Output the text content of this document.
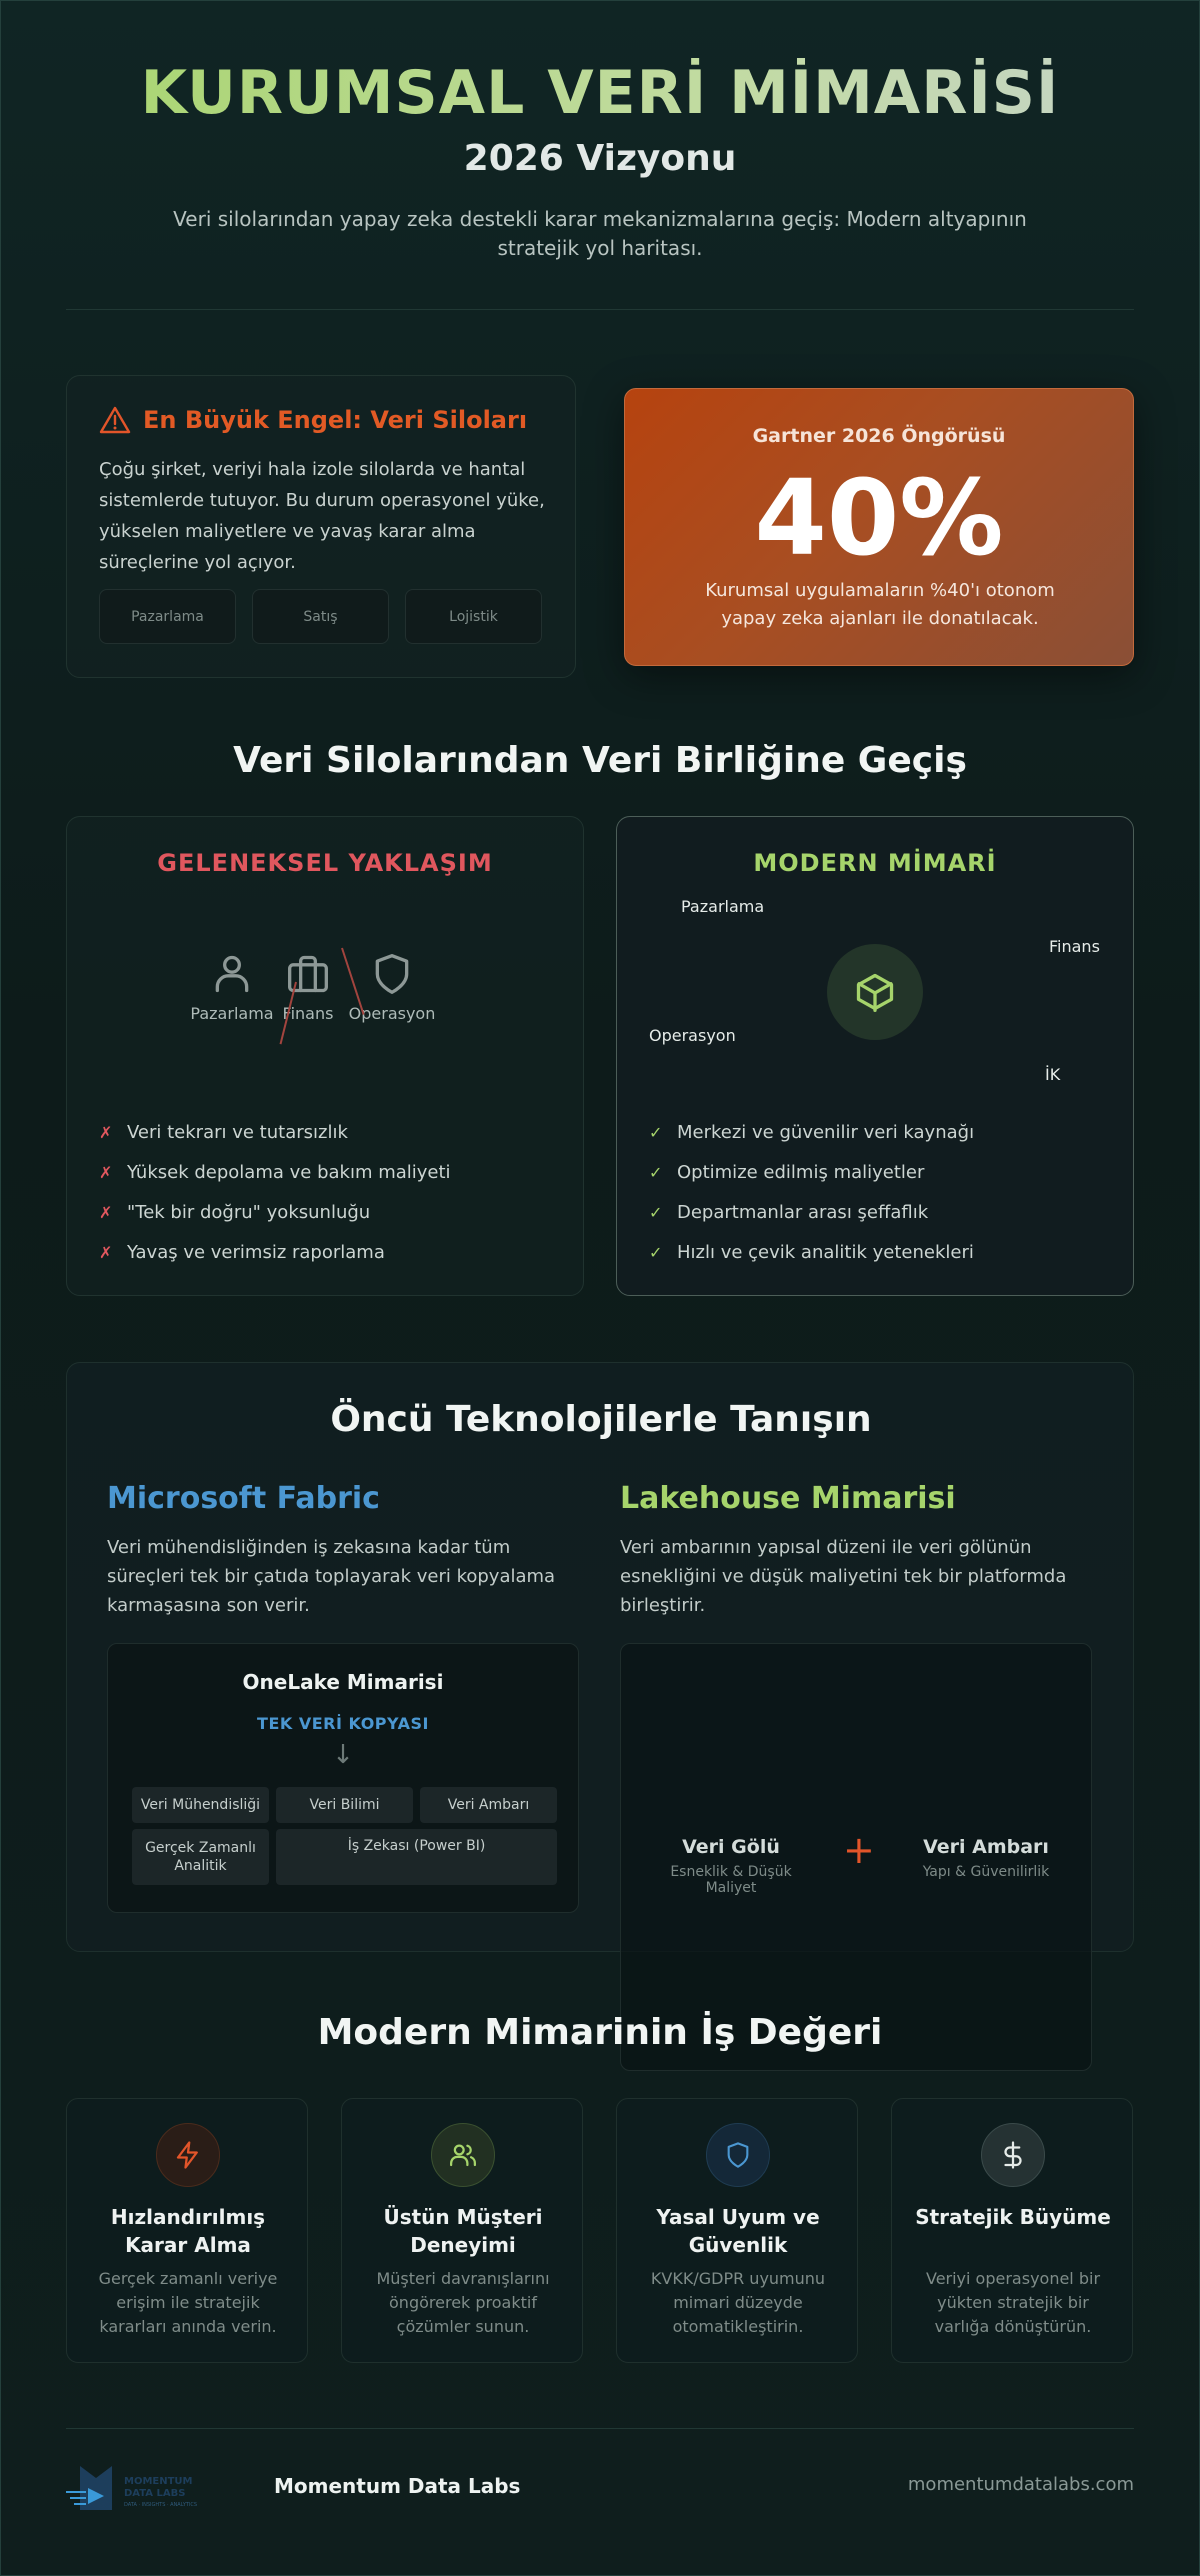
KURUMSAL VERİ MİMARİSİ
2026 Vizyonu

Veri silolarından yapay zeka destekli karar mekanizmalarına geçiş: Modern altyapının stratejik yol haritası.

En Büyük Engel: Veri Siloları

Çoğu şirket, veriyi hala izole silolarda ve hantal sistemlerde tutuyor. Bu durum operasyonel yüke, yükselen maliyetlere ve yavaş karar alma süreçlerine yol açıyor.

Pazarlama	Satış	Lojistik
Gartner 2026 Öngörüsü
40%

Kurumsal uygulamaların %40'ı otonom yapay zeka ajanları ile donatılacak.

Veri Silolarından Veri Birliğine Geçiş
GELENEKSEL YAKLAŞIM
Pazarlama Finans Operasyon
✗ Veri tekrarı ve tutarsızlık
✗ Yüksek depolama ve bakım maliyeti
✗ "Tek bir doğru" yoksunluğu
✗ Yavaş ve verimsiz raporlama
MODERN MİMARİ
Pazarlama
Finans
Operasyon
İK
✓ Merkezi ve güvenilir veri kaynağı
✓ Optimize edilmiş maliyetler
✓ Departmanlar arası şeffaflık
✓ Hızlı ve çevik analitik yetenekleri
Öncü Teknolojilerle Tanışın
Microsoft Fabric

Veri mühendisliğinden iş zekasına kadar tüm süreçleri tek bir çatıda toplayarak veri kopyalama karmaşasına son verir.

OneLake Mimarisi
TEK VERİ KOPYASI
↓
Veri Mühendisliği	Veri Bilimi	Veri Ambarı
Gerçek Zamanlı Analitik
İş Zekası (Power BI)
Lakehouse Mimarisi

Veri ambarının yapısal düzeni ile veri gölünün esnekliğini ve düşük maliyetini tek bir platformda birleştirir.

Veri Gölü
Esneklik & Düşük Maliyet
+	Veri Ambarı
Yapı & Güvenilirlik
Modern Mimarinin İş Değeri
Hızlandırılmış Karar Alma
Gerçek zamanlı veriye erişim ile stratejik kararları anında verin.
Üstün Müşteri Deneyimi
Müşteri davranışlarını öngörerek proaktif çözümler sunun.
Yasal Uyum ve Güvenlik
KVKK/GDPR uyumunu mimari düzeyde otomatikleştirin.
Stratejik Büyüme
Veriyi operasyonel bir yükten stratejik bir varlığa dönüştürün.
MOMENTUM
DATA LABS
DATA · INSIGHTS · ANALYTICS
Momentum Data Labs	momentumdatalabs.com
